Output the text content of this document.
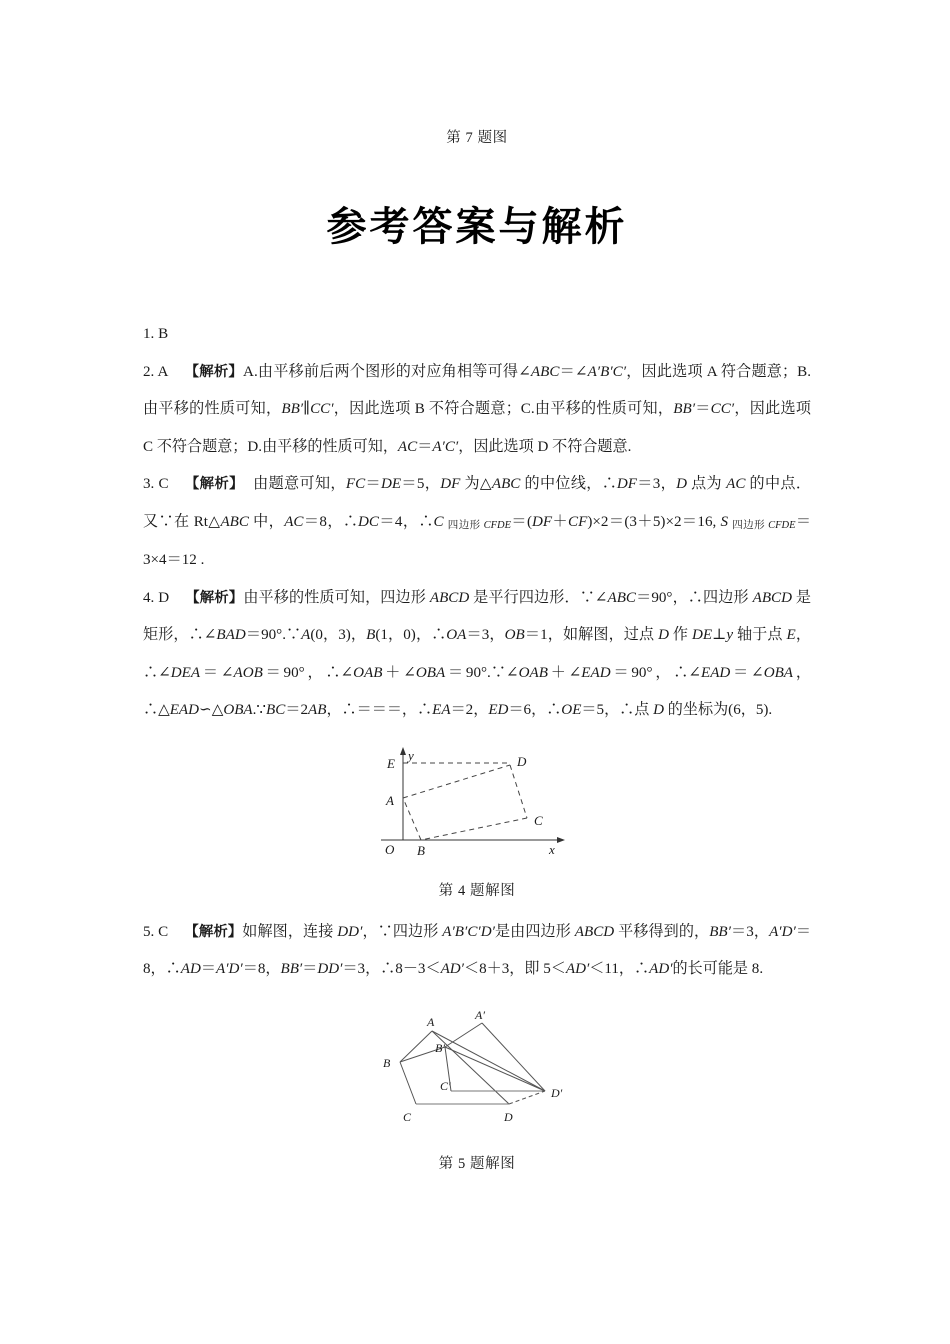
第 7 题图
参考答案与解析
1. B
2. A 【解析】A.由平移前后两个图形的对应角相等可得∠ABC＝∠A′B′C′，因此选项 A 符合题意；B.由平移的性质可知，BB′∥CC′，因此选项 B 不符合题意；C.由平移的性质可知，BB′＝CC′，因此选项 C 不符合题意；D.由平移的性质可知，AC＝A′C′，因此选项 D 不符合题意.
3. C 【解析】 由题意可知，FC＝DE＝5，DF 为△ABC 的中位线，∴DF＝3，D 点为 AC 的中点．又∵在 Rt△ABC 中，AC＝8，∴DC＝4，∴C 四边形 CFDE＝(DF＋CF)×2＝(3＋5)×2＝16, S 四边形 CFDE＝3×4＝12 .
4. D 【解析】由平移的性质可知，四边形 ABCD 是平行四边形．∵∠ABC＝90°，∴四边形 ABCD 是矩形，∴∠BAD＝90°.∵A(0，3)，B(1，0)，∴OA＝3，OB＝1，如解图，过点 D 作 DE⊥y 轴于点 E，∴∠DEA＝∠AOB＝90°，∴∠OAB＋∠OBA＝90°.∵∠OAB＋∠EAD＝90°，∴∠EAD＝∠OBA，∴△EAD∽△OBA.∵BC＝2AB，∴＝＝＝，∴EA＝2，ED＝6，∴OE＝5，∴点 D 的坐标为(6，5).
E	D
A
C
O B	x
y
第 4 题解图
5. C 【解析】如解图，连接 DD′，∵四边形 A′B′C′D′是由四边形 ABCD 平移得到的，BB′＝3，A′D′＝8，∴AD＝A′D′＝8，BB′＝DD′＝3，∴8－3＜AD′＜8＋3，即 5＜AD′＜11，∴AD′的长可能是 8.
A	A′
B
B′
C
C′
D
D′
第 5 题解图
